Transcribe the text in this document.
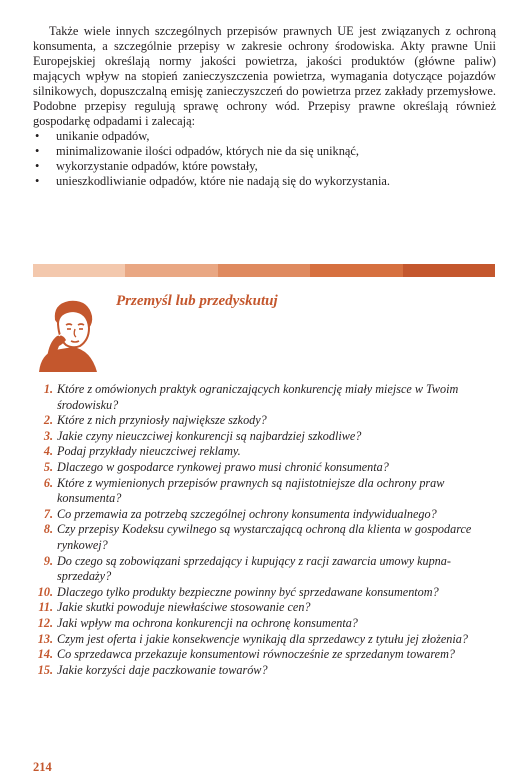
Także wiele innych szczególnych przepisów prawnych UE jest związanych z ochroną konsumenta, a szczególnie przepisy w zakresie ochrony środowiska. Akty prawne Unii Europejskiej określają normy jakości powietrza, jakości produktów (główne paliw) mających wpływ na stopień zanieczyszczenia powietrza, wymagania dotyczące pojazdów silnikowych, dopuszczalną emisję zanieczyszczeń do powietrza przez zakłady przemysłowe. Podobne przepisy regulują sprawę ochrony wód. Przepisy prawne określają również gospodarkę odpadami i zalecają:

• unikanie odpadów,
• minimalizowanie ilości odpadów, których nie da się uniknąć,
• wykorzystanie odpadów, które powstały,
• unieszkodliwianie odpadów, które nie nadają się do wykorzystania.
Przemyśl lub przedyskutuj
1. Które z omówionych praktyk ograniczających konkurencję miały miejsce w Twoim środowisku?
2. Które z nich przyniosły największe szkody?
3. Jakie czyny nieuczciwej konkurencji są najbardziej szkodliwe?
4. Podaj przykłady nieuczciwej reklamy.
5. Dlaczego w gospodarce rynkowej prawo musi chronić konsumenta?
6. Które z wymienionych przepisów prawnych są najistotniejsze dla ochrony praw konsumenta?
7. Co przemawia za potrzebą szczególnej ochrony konsumenta indywidualnego?
8. Czy przepisy Kodeksu cywilnego są wystarczającą ochroną dla klienta w gospodarce rynkowej?
9. Do czego są zobowiązani sprzedający i kupujący z racji zawarcia umowy kupna-sprzedaży?
10. Dlaczego tylko produkty bezpieczne powinny być sprzedawane konsumentom?
11. Jakie skutki powoduje niewłaściwe stosowanie cen?
12. Jaki wpływ ma ochrona konkurencji na ochronę konsumenta?
13. Czym jest oferta i jakie konsekwencje wynikają dla sprzedawcy z tytułu jej złożenia?
14. Co sprzedawca przekazuje konsumentowi równocześnie ze sprzedanym towarem?
15. Jakie korzyści daje paczkowanie towarów?
214
